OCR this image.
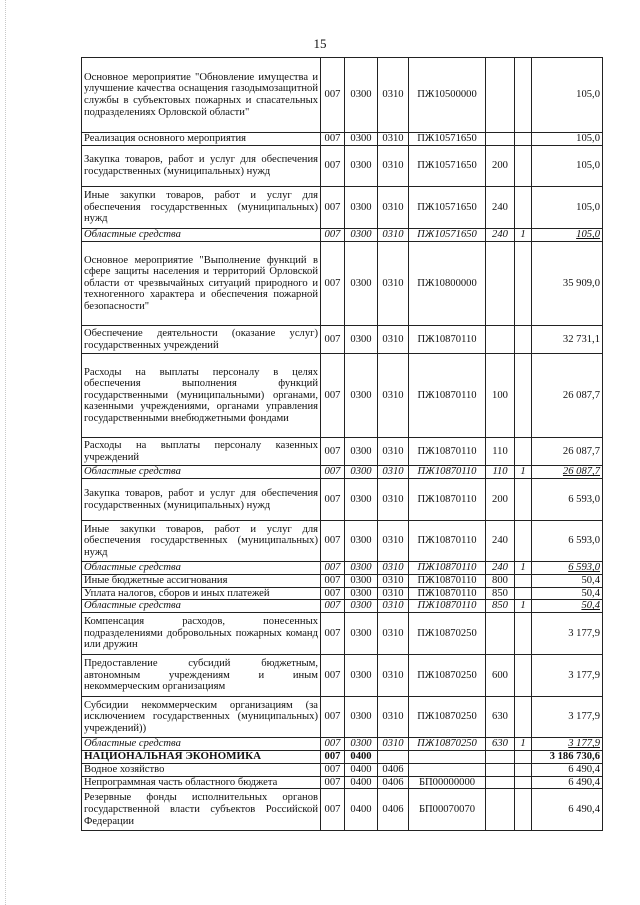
15
Основное мероприятие "Обновление имущества и улучшение качества оснащения газодымозащитной службы в субъектовых пожарных и спасательных подразделениях Орловской области"	007	0300	0310	ПЖ10500000			105,0
Реализация основного мероприятия	007	0300	0310	ПЖ10571650			105,0
Закупка товаров, работ и услуг для обеспечения государственных (муниципальных) нужд	007	0300	0310	ПЖ10571650	200		105,0
Иные закупки товаров, работ и услуг для обеспечения государственных (муниципальных) нужд	007	0300	0310	ПЖ10571650	240		105,0
Областные средства	007	0300	0310	ПЖ10571650	240	1	105,0
Основное мероприятие "Выполнение функций в сфере защиты населения и территорий Орловской области от чрезвычайных ситуаций природного и техногенного характера и обеспечения пожарной безопасности"	007	0300	0310	ПЖ10800000			35 909,0
Обеспечение деятельности (оказание услуг) государственных учреждений	007	0300	0310	ПЖ10870110			32 731,1
Расходы на выплаты персоналу в целях обеспечения выполнения функций государственными (муниципальными) органами, казенными учреждениями, органами управления государственными внебюджетными фондами	007	0300	0310	ПЖ10870110	100		26 087,7
Расходы на выплаты персоналу казенных учреждений	007	0300	0310	ПЖ10870110	110		26 087,7
Областные средства	007	0300	0310	ПЖ10870110	110	1	26 087,7
Закупка товаров, работ и услуг для обеспечения государственных (муниципальных) нужд	007	0300	0310	ПЖ10870110	200		6 593,0
Иные закупки товаров, работ и услуг для обеспечения государственных (муниципальных) нужд	007	0300	0310	ПЖ10870110	240		6 593,0
Областные средства	007	0300	0310	ПЖ10870110	240	1	6 593,0
Иные бюджетные ассигнования	007	0300	0310	ПЖ10870110	800		50,4
Уплата налогов, сборов и иных платежей	007	0300	0310	ПЖ10870110	850		50,4
Областные средства	007	0300	0310	ПЖ10870110	850	1	50,4
Компенсация расходов, понесенных подразделениями добровольных пожарных команд или дружин	007	0300	0310	ПЖ10870250			3 177,9
Предоставление субсидий бюджетным, автономным учреждениям и иным некоммерческим организациям	007	0300	0310	ПЖ10870250	600		3 177,9
Субсидии некоммерческим организациям (за исключением государственных (муниципальных) учреждений))	007	0300	0310	ПЖ10870250	630		3 177,9
Областные средства	007	0300	0310	ПЖ10870250	630	1	3 177,9
НАЦИОНАЛЬНАЯ ЭКОНОМИКА	007	0400					3 186 730,6
Водное хозяйство	007	0400	0406				6 490,4
Непрограммная часть областного бюджета	007	0400	0406	БП00000000			6 490,4
Резервные фонды исполнительных органов государственной власти субъектов Российской Федерации	007	0400	0406	БП00070070			6 490,4
